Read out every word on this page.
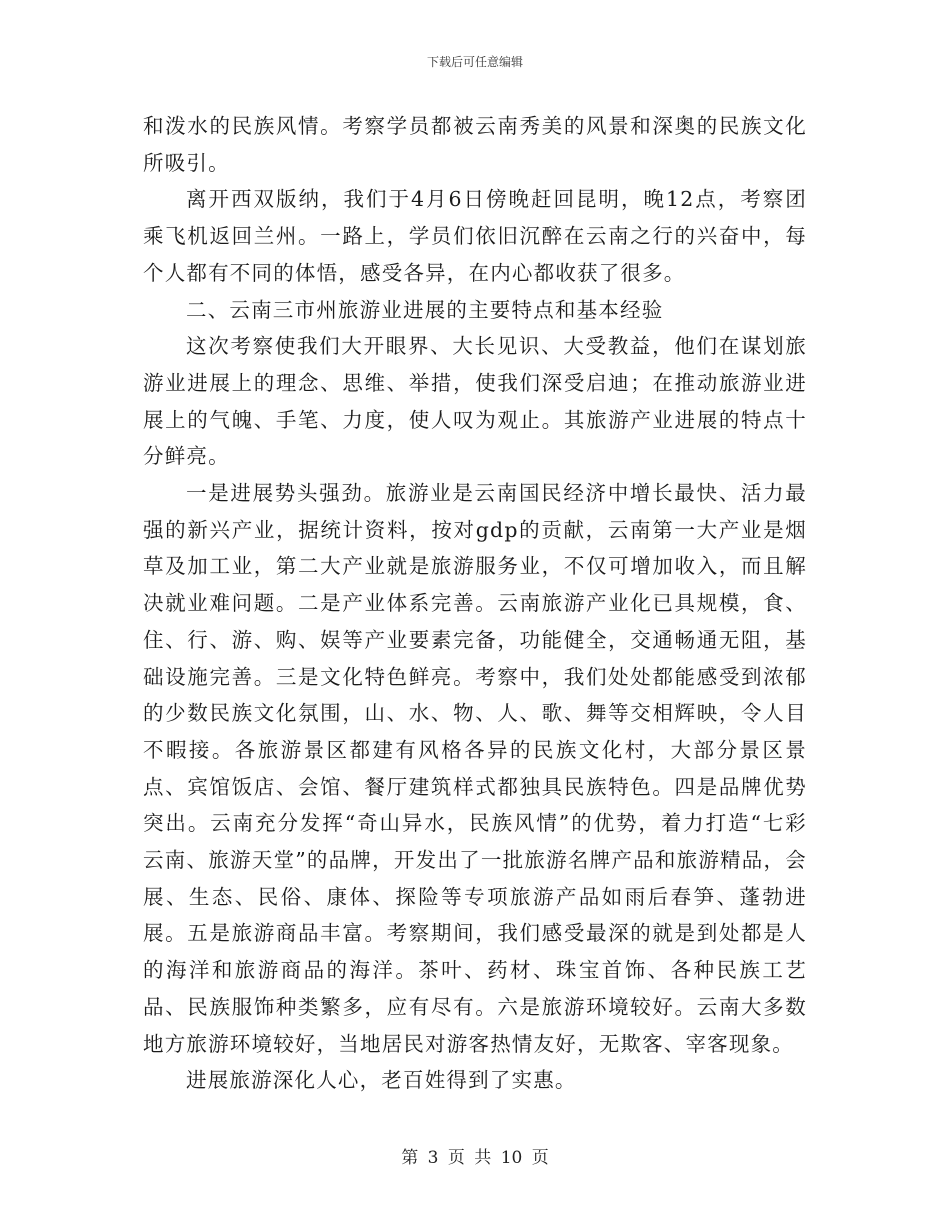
下载后可任意编辑

和泼水的民族风情。考察学员都被云南秀美的风景和深奥的民族文化所吸引。

离开西双版纳，我们于4月6日傍晚赶回昆明，晚12点，考察团乘飞机返回兰州。一路上，学员们依旧沉醉在云南之行的兴奋中，每个人都有不同的体悟，感受各异，在内心都收获了很多。

二、云南三市州旅游业进展的主要特点和基本经验

这次考察使我们大开眼界、大长见识、大受教益，他们在谋划旅游业进展上的理念、思维、举措，使我们深受启迪；在推动旅游业进展上的气魄、手笔、力度，使人叹为观止。其旅游产业进展的特点十分鲜亮。

一是进展势头强劲。旅游业是云南国民经济中增长最快、活力最强的新兴产业，据统计资料，按对gdp的贡献，云南第一大产业是烟草及加工业，第二大产业就是旅游服务业，不仅可增加收入，而且解决就业难问题。二是产业体系完善。云南旅游产业化已具规模，食、住、行、游、购、娱等产业要素完备，功能健全，交通畅通无阻，基础设施完善。三是文化特色鲜亮。考察中，我们处处都能感受到浓郁的少数民族文化氛围，山、水、物、人、歌、舞等交相辉映，令人目不暇接。各旅游景区都建有风格各异的民族文化村，大部分景区景点、宾馆饭店、会馆、餐厅建筑样式都独具民族特色。四是品牌优势突出。云南充分发挥“奇山异水，民族风情”的优势，着力打造“七彩云南、旅游天堂”的品牌，开发出了一批旅游名牌产品和旅游精品，会展、生态、民俗、康体、探险等专项旅游产品如雨后春笋、蓬勃进展。五是旅游商品丰富。考察期间，我们感受最深的就是到处都是人的海洋和旅游商品的海洋。茶叶、药材、珠宝首饰、各种民族工艺品、民族服饰种类繁多，应有尽有。六是旅游环境较好。云南大多数地方旅游环境较好，当地居民对游客热情友好，无欺客、宰客现象。

进展旅游深化人心，老百姓得到了实惠。

第 3 页 共 10 页
